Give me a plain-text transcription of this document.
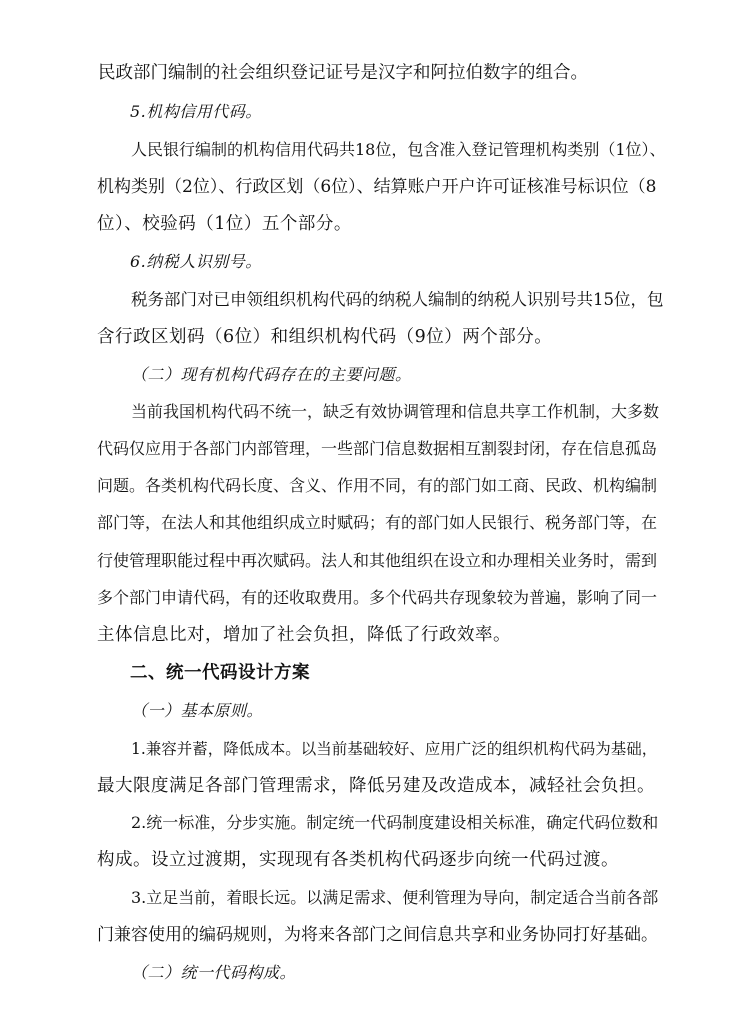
民政部门编制的社会组织登记证号是汉字和阿拉伯数字的组合。
5.机构信用代码。
人民银行编制的机构信用代码共18位，包含准入登记管理机构类别（1位）、
机构类别（2位）、行政区划（6位）、结算账户开户许可证核准号标识位（8
位）、校验码（1位）五个部分。
6.纳税人识别号。
税务部门对已申领组织机构代码的纳税人编制的纳税人识别号共15位，包
含行政区划码（6位）和组织机构代码（9位）两个部分。
（二）现有机构代码存在的主要问题。
当前我国机构代码不统一，缺乏有效协调管理和信息共享工作机制，大多数
代码仅应用于各部门内部管理，一些部门信息数据相互割裂封闭，存在信息孤岛
问题。各类机构代码长度、含义、作用不同，有的部门如工商、民政、机构编制
部门等，在法人和其他组织成立时赋码；有的部门如人民银行、税务部门等，在
行使管理职能过程中再次赋码。法人和其他组织在设立和办理相关业务时，需到
多个部门申请代码，有的还收取费用。多个代码共存现象较为普遍，影响了同一
主体信息比对，增加了社会负担，降低了行政效率。
二、统一代码设计方案
（一）基本原则。
1.兼容并蓄，降低成本。以当前基础较好、应用广泛的组织机构代码为基础，
最大限度满足各部门管理需求，降低另建及改造成本，减轻社会负担。
2.统一标准，分步实施。制定统一代码制度建设相关标准，确定代码位数和
构成。设立过渡期，实现现有各类机构代码逐步向统一代码过渡。
3.立足当前，着眼长远。以满足需求、便利管理为导向，制定适合当前各部
门兼容使用的编码规则，为将来各部门之间信息共享和业务协同打好基础。
（二）统一代码构成。
